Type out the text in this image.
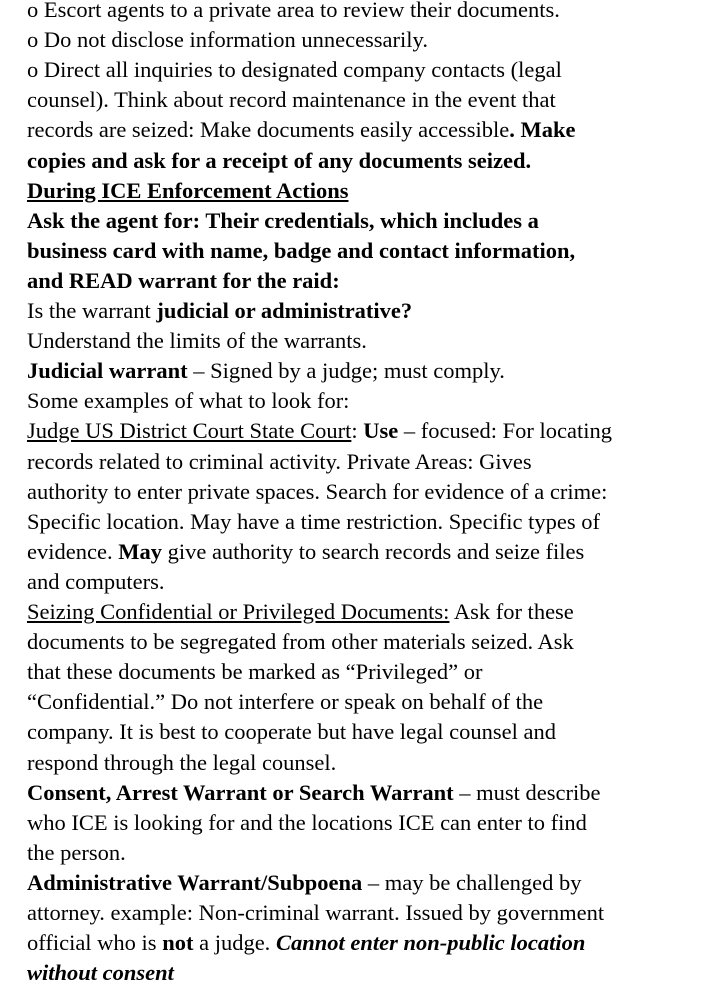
o Escort agents to a private area to review their documents.
o Do not disclose information unnecessarily.
o Direct all inquiries to designated company contacts (legal
counsel). Think about record maintenance in the event that
records are seized: Make documents easily accessible. Make
copies and ask for a receipt of any documents seized.
During ICE Enforcement Actions
Ask the agent for: Their credentials, which includes a
business card with name, badge and contact information,
and READ warrant for the raid:
Is the warrant judicial or administrative?
Understand the limits of the warrants.
Judicial warrant – Signed by a judge; must comply.
Some examples of what to look for:
Judge US District Court State Court: Use – focused: For locating
records related to criminal activity. Private Areas: Gives
authority to enter private spaces. Search for evidence of a crime:
Specific location. May have a time restriction. Specific types of
evidence. May give authority to search records and seize files
and computers.
Seizing Confidential or Privileged Documents: Ask for these
documents to be segregated from other materials seized. Ask
that these documents be marked as “Privileged” or
“Confidential.” Do not interfere or speak on behalf of the
company. It is best to cooperate but have legal counsel and
respond through the legal counsel.
Consent, Arrest Warrant or Search Warrant – must describe
who ICE is looking for and the locations ICE can enter to find
the person.
Administrative Warrant/Subpoena – may be challenged by
attorney. example: Non-criminal warrant. Issued by government
official who is not a judge. Cannot enter non-public location
without consent
